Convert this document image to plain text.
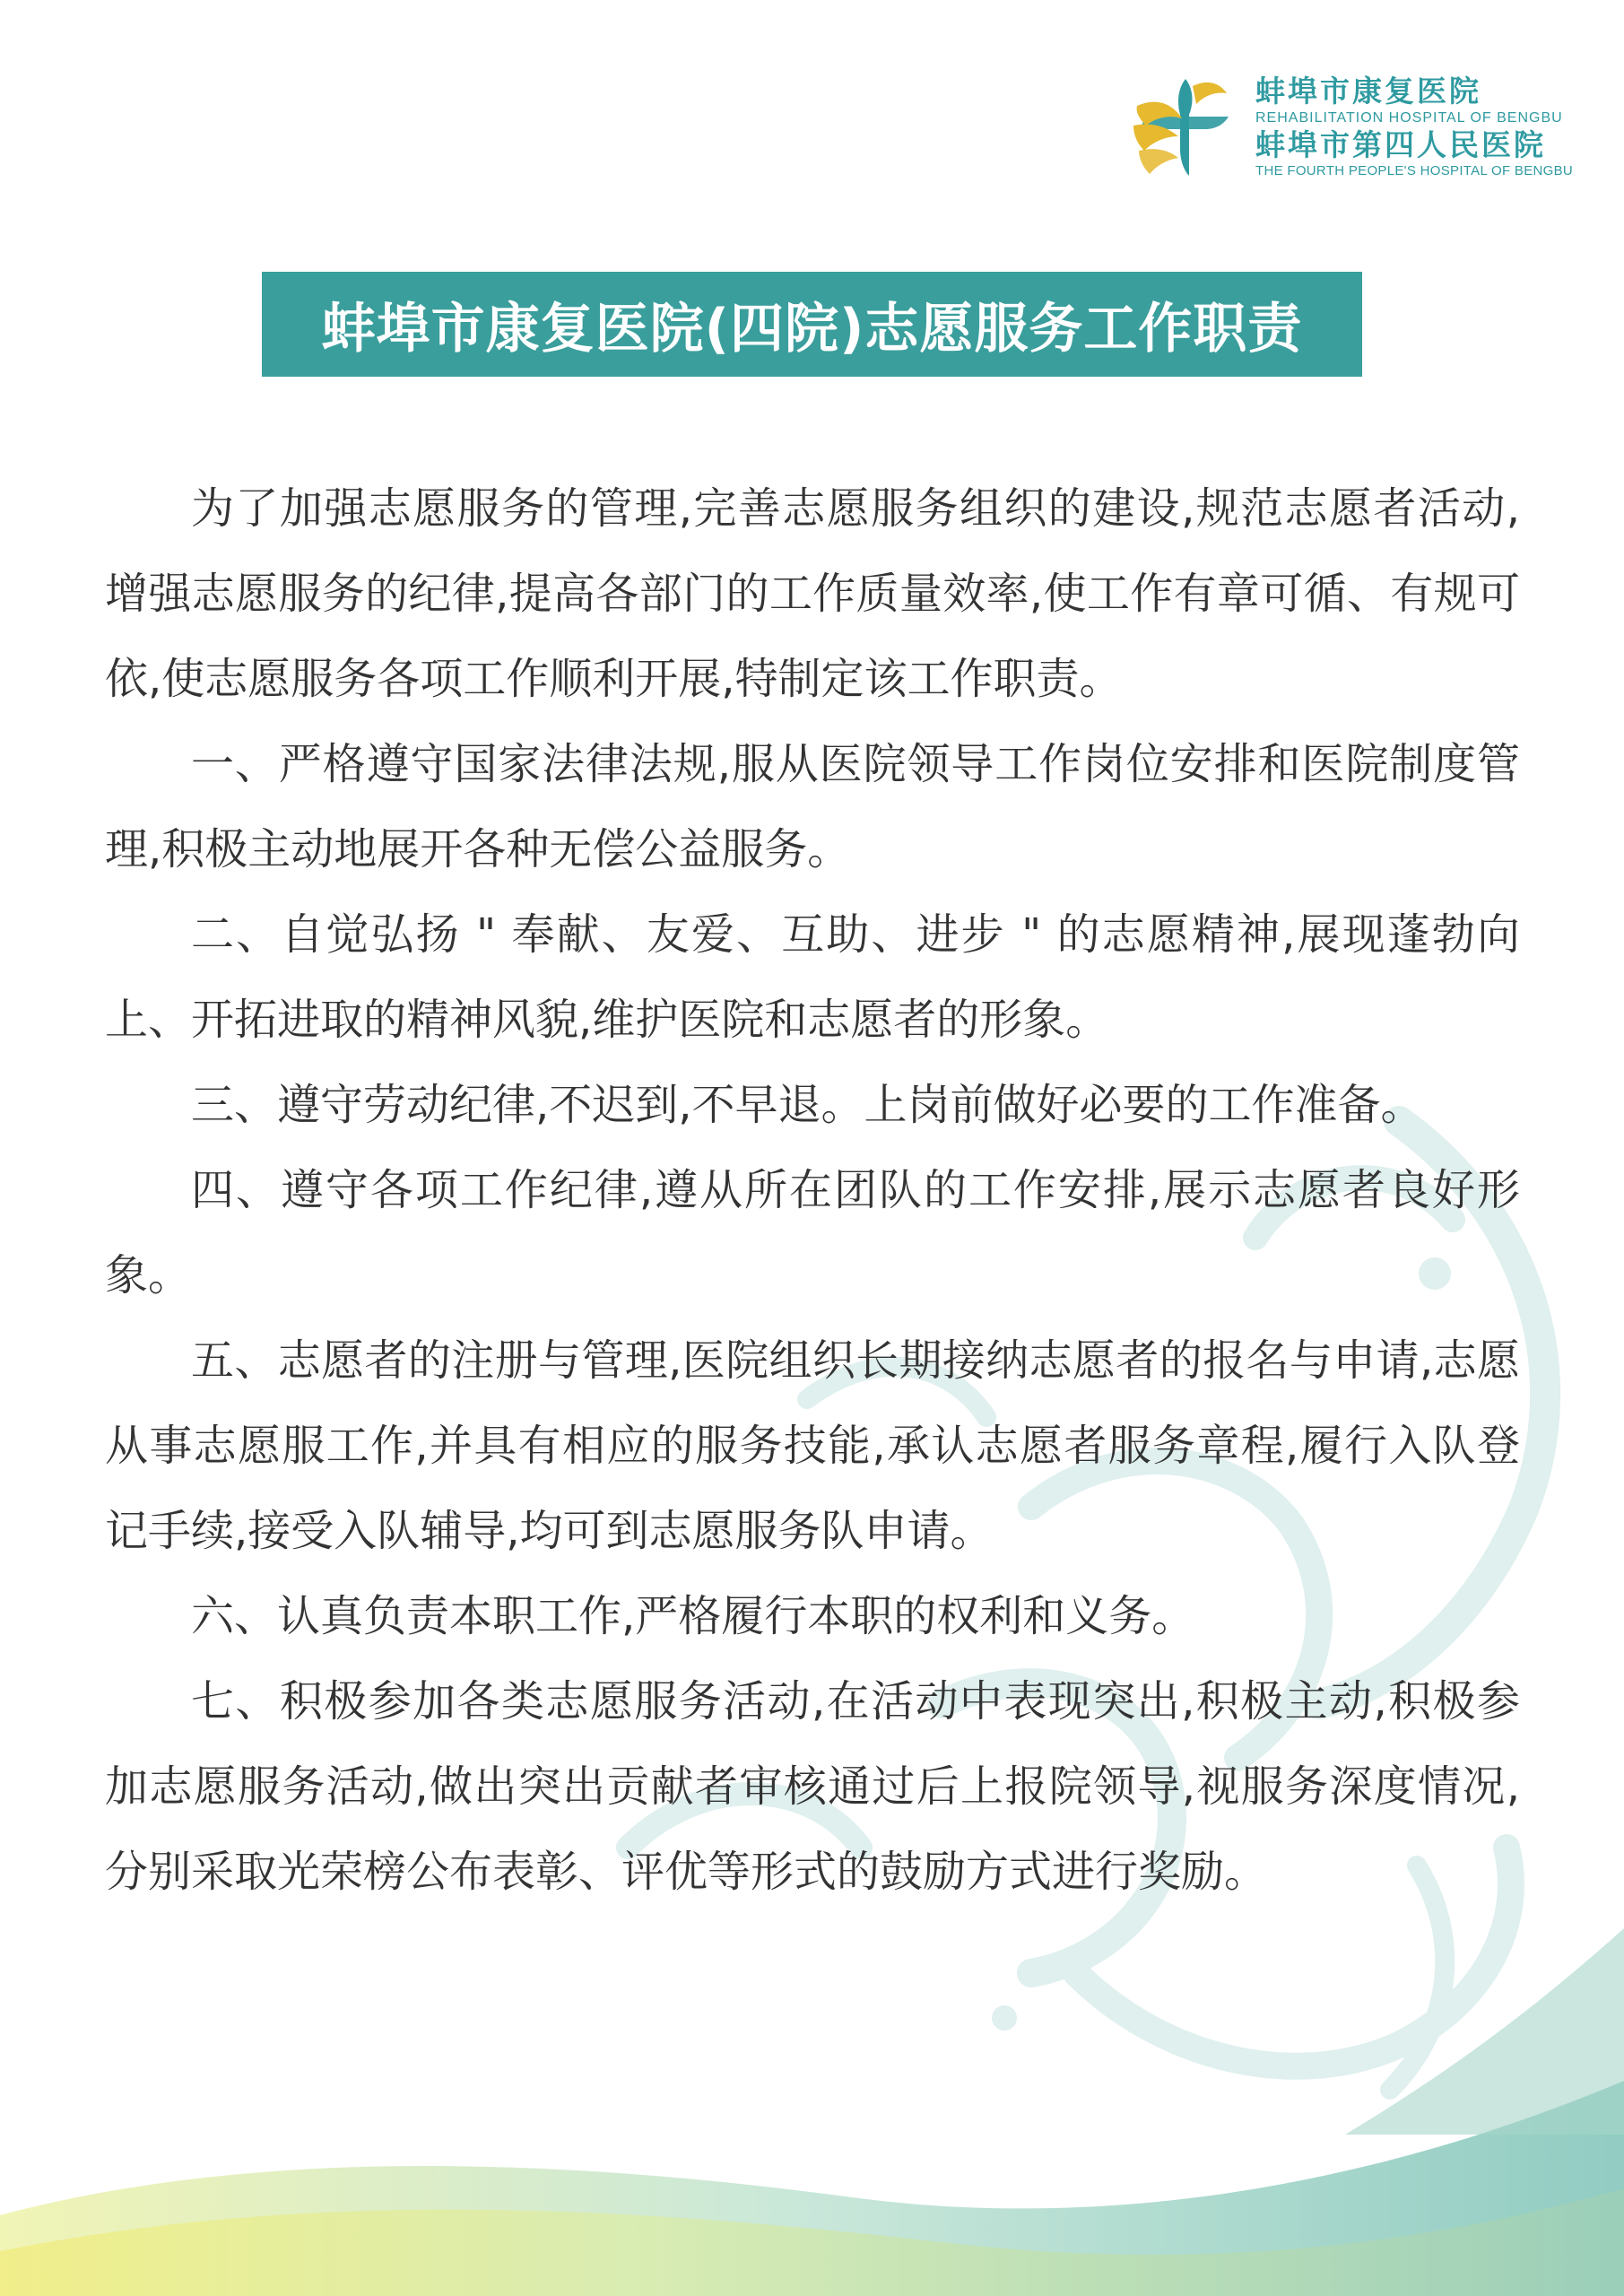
蚌埠市康复医院
REHABILITATION HOSPITAL OF BENGBU
蚌埠市第四人民医院
THE FOURTH PEOPLE'S HOSPITAL OF BENGBU
蚌埠市康复医院(四院)志愿服务工作职责

为了加强志愿服务的管理,完善志愿服务组织的建设,规范志愿者活动,增强志愿服务的纪律,提高各部门的工作质量效率,使工作有章可循、有规可依,使志愿服务各项工作顺利开展,特制定该工作职责。

一、严格遵守国家法律法规,服从医院领导工作岗位安排和医院制度管理,积极主动地展开各种无偿公益服务。

二、自觉弘扬 " 奉献、友爱、互助、进步 " 的志愿精神,展现蓬勃向上、开拓进取的精神风貌,维护医院和志愿者的形象。

三、遵守劳动纪律,不迟到,不早退。上岗前做好必要的工作准备。

四、遵守各项工作纪律,遵从所在团队的工作安排,展示志愿者良好形象。

五、志愿者的注册与管理,医院组织长期接纳志愿者的报名与申请,志愿从事志愿服工作,并具有相应的服务技能,承认志愿者服务章程,履行入队登记手续,接受入队辅导,均可到志愿服务队申请。

六、认真负责本职工作,严格履行本职的权利和义务。

七、积极参加各类志愿服务活动,在活动中表现突出,积极主动,积极参加志愿服务活动,做出突出贡献者审核通过后上报院领导,视服务深度情况,分别采取光荣榜公布表彰、评优等形式的鼓励方式进行奖励。
